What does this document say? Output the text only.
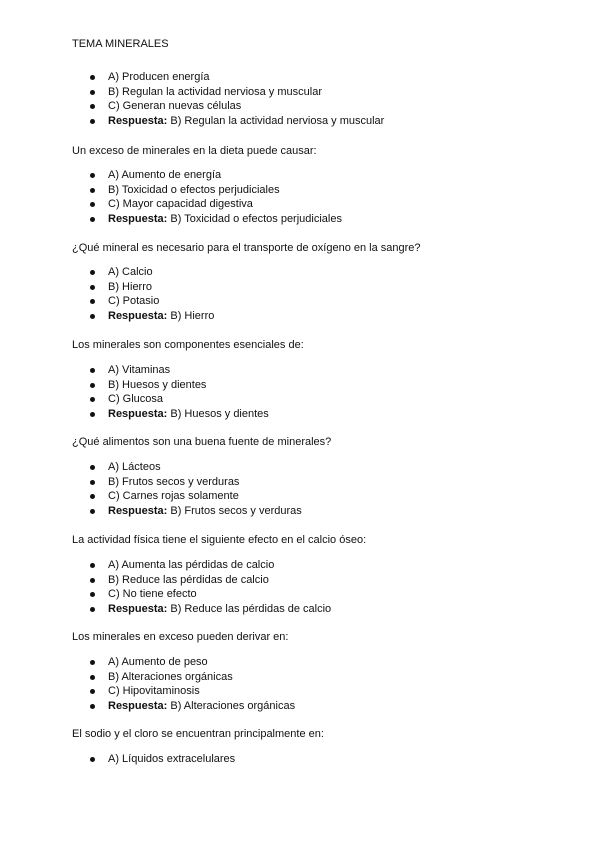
TEMA MINERALES
A) Producen energía
B) Regulan la actividad nerviosa y muscular
C) Generan nuevas células
Respuesta: B) Regulan la actividad nerviosa y muscular
Un exceso de minerales en la dieta puede causar:
A) Aumento de energía
B) Toxicidad o efectos perjudiciales
C) Mayor capacidad digestiva
Respuesta: B) Toxicidad o efectos perjudiciales
¿Qué mineral es necesario para el transporte de oxígeno en la sangre?
A) Calcio
B) Hierro
C) Potasio
Respuesta: B) Hierro
Los minerales son componentes esenciales de:
A) Vitaminas
B) Huesos y dientes
C) Glucosa
Respuesta: B) Huesos y dientes
¿Qué alimentos son una buena fuente de minerales?
A) Lácteos
B) Frutos secos y verduras
C) Carnes rojas solamente
Respuesta: B) Frutos secos y verduras
La actividad física tiene el siguiente efecto en el calcio óseo:
A) Aumenta las pérdidas de calcio
B) Reduce las pérdidas de calcio
C) No tiene efecto
Respuesta: B) Reduce las pérdidas de calcio
Los minerales en exceso pueden derivar en:
A) Aumento de peso
B) Alteraciones orgánicas
C) Hipovitaminosis
Respuesta: B) Alteraciones orgánicas
El sodio y el cloro se encuentran principalmente en:
A) Líquidos extracelulares
